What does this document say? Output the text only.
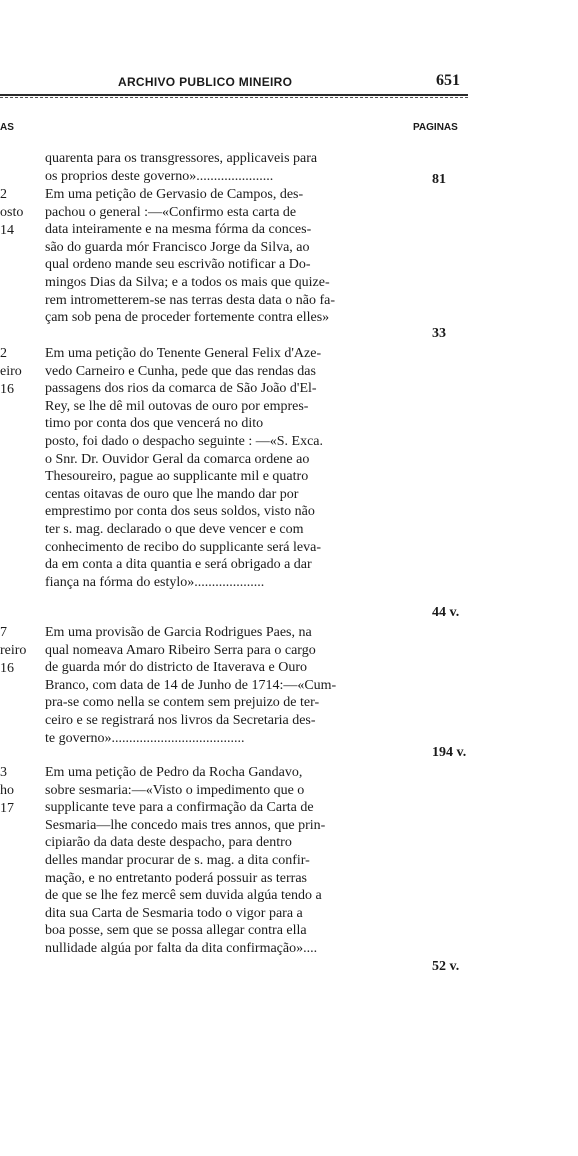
ARCHIVO PUBLICO MINEIRO	651
AS	PAGINAS
quarenta para os transgressores, applicaveis para
os proprios deste governo»......................
2
osto
14
Em uma petição de Gervasio de Campos, des-
pachou o general :—«Confirmo esta carta de
data inteiramente e na mesma fórma da conces-
são do guarda mór Francisco Jorge da Silva, ao
qual ordeno mande seu escrivão notificar a Do-
mingos Dias da Silva; e a todos os mais que quize-
rem intrometterem-se nas terras desta data o não fa-
çam sob pena de proceder fortemente contra elles»
81
2
eiro
16
Em uma petição do Tenente General Felix d'Aze-
vedo Carneiro e Cunha, pede que das rendas das
passagens dos rios da comarca de São João d'El-
Rey, se lhe dê mil outovas de ouro por empres-
timo por conta dos que vencerá no dito
posto, foi dado o despacho seguinte : —«S. Exca.
o Snr. Dr. Ouvidor Geral da comarca ordene ao
Thesoureiro, pague ao supplicante mil e quatro
centas oitavas de ouro que lhe mando dar por
emprestimo por conta dos seus soldos, visto não
ter s. mag. declarado o que deve vencer e com
conhecimento de recibo do supplicante será leva-
da em conta a dita quantia e será obrigado a dar
fiança na fórma do estylo»....................
33
7
reiro
16
Em uma provisão de Garcia Rodrigues Paes, na
qual nomeava Amaro Ribeiro Serra para o cargo
de guarda mór do districto de Itaverava e Ouro
Branco, com data de 14 de Junho de 1714:—«Cum-
pra-se como nella se contem sem prejuizo de ter-
ceiro e se registrará nos livros da Secretaria des-
te governo»......................................
44 v.
3
ho
17
Em uma petição de Pedro da Rocha Gandavo,
sobre sesmaria:—«Visto o impedimento que o
supplicante teve para a confirmação da Carta de
Sesmaria—lhe concedo mais tres annos, que prin-
cipiarão da data deste despacho, para dentro
delles mandar procurar de s. mag. a dita confir-
mação, e no entretanto poderá possuir as terras
de que se lhe fez mercê sem duvida algúa tendo a
dita sua Carta de Sesmaria todo o vigor para a
boa posse, sem que se possa allegar contra ella
nullidade algúa por falta da dita confirmação»....
194 v.
52 v.
